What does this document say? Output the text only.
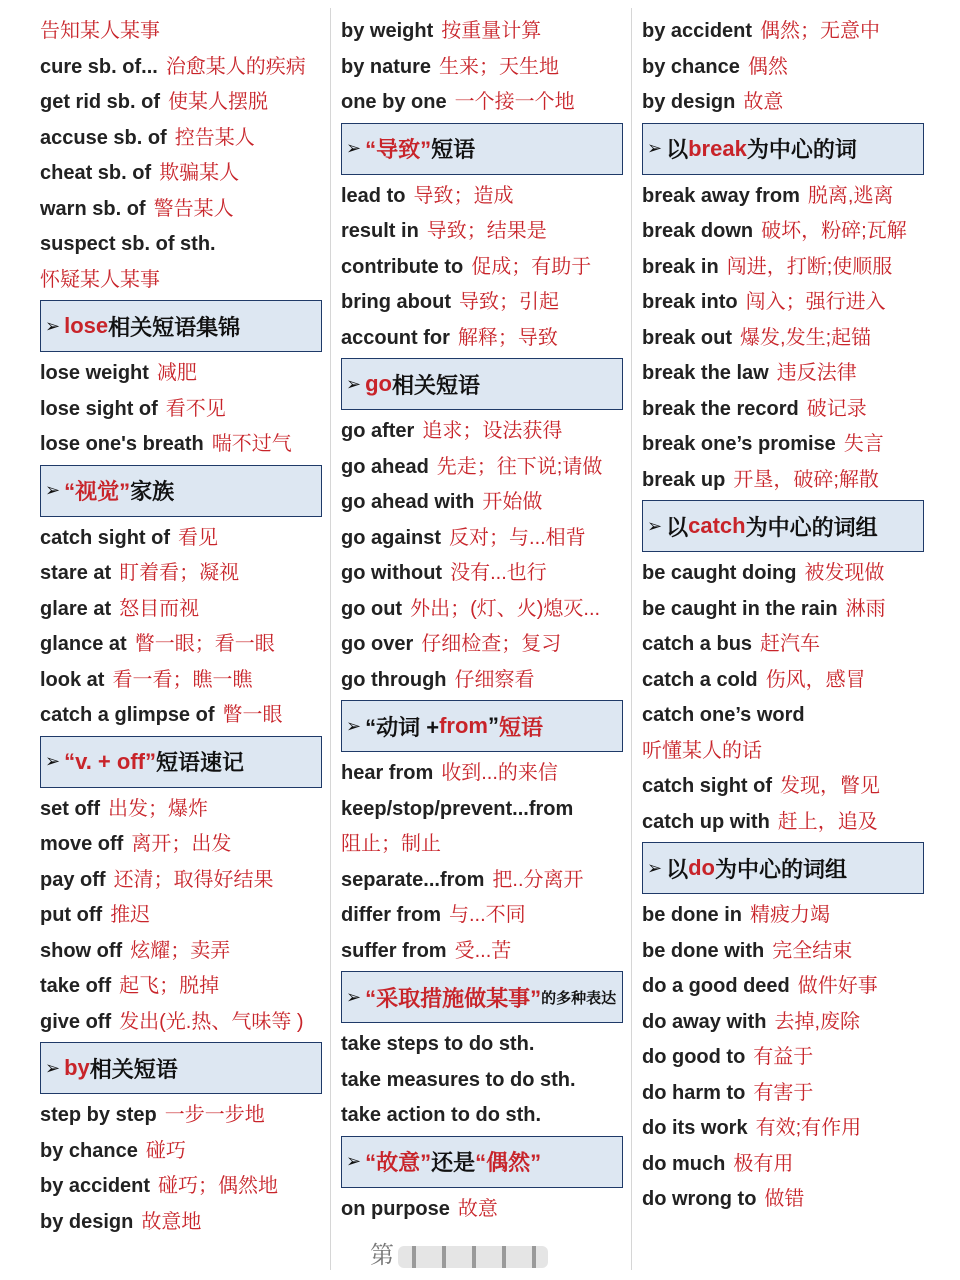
告知某人某事
cure sb. of... 治愈某人的疾病
get rid sb. of 使某人摆脱
accuse sb. of 控告某人
cheat sb. of 欺骗某人
warn sb. of 警告某人
suspect sb. of sth.
怀疑某人某事
➢ lose 相关短语集锦
lose weight 减肥
lose sight of 看不见
lose one's breath 喘不过气
➢ “视觉” 家族
catch sight of 看见
stare at 盯着看；凝视
glare at 怒目而视
glance at 瞥一眼；看一眼
look at 看一看；瞧一瞧
catch a glimpse of 瞥一眼
➢ “v. + off” 短语速记
set off 出发；爆炸
move off 离开；出发
pay off 还清；取得好结果
put off 推迟
show off 炫耀；卖弄
take off 起飞；脱掉
give off 发出(光.热、气味等 )
➢ by 相关短语
step by step 一步一步地
by chance 碰巧
by accident 碰巧；偶然地
by design 故意地
by weight 按重量计算
by nature 生来；天生地
one by one 一个接一个地
➢ “导致” 短语
lead to 导致；造成
result in 导致；结果是
contribute to 促成；有助于
bring about 导致；引起
account for 解释；导致
➢ go 相关短语
go after 追求；设法获得
go ahead 先走；往下说;请做
go ahead with 开始做
go against 反对；与...相背
go without 没有...也行
go out 外出；(灯、火)熄灭...
go over 仔细检查；复习
go through 仔细察看
➢ “动词 + from ” 短语
hear from 收到...的来信
keep/stop/prevent...from
阻止；制止
separate...from 把..分离开
differ from 与...不同
suffer from 受...苦
➢ “采取措施做某事” 的多种表达
take steps to do sth.
take measures to do sth.
take action to do sth.
➢ “故意” 还是 “偶然”
on purpose 故意
by accident 偶然；无意中
by chance 偶然
by design 故意
➢ 以 break 为中心的词
break away from 脱离,逃离
break down 破坏，粉碎;瓦解
break in 闯进，打断;使顺服
break into 闯入；强行进入
break out 爆发,发生;起锚
break the law 违反法律
break the record 破记录
break one’s promise 失言
break up 开垦，破碎;解散
➢ 以 catch 为中心的词组
be caught doing 被发现做
be caught in the rain 淋雨
catch a bus 赶汽车
catch a cold 伤风，感冒
catch one’s word
听懂某人的话
catch sight of 发现，瞥见
catch up with 赶上，追及
➢ 以 do 为中心的词组
be done in 精疲力竭
be done with 完全结束
do a good deed 做件好事
do away with 去掉,废除
do good to 有益于
do harm to 有害于
do its work 有效;有作用
do much 极有用
do wrong to 做错
第
